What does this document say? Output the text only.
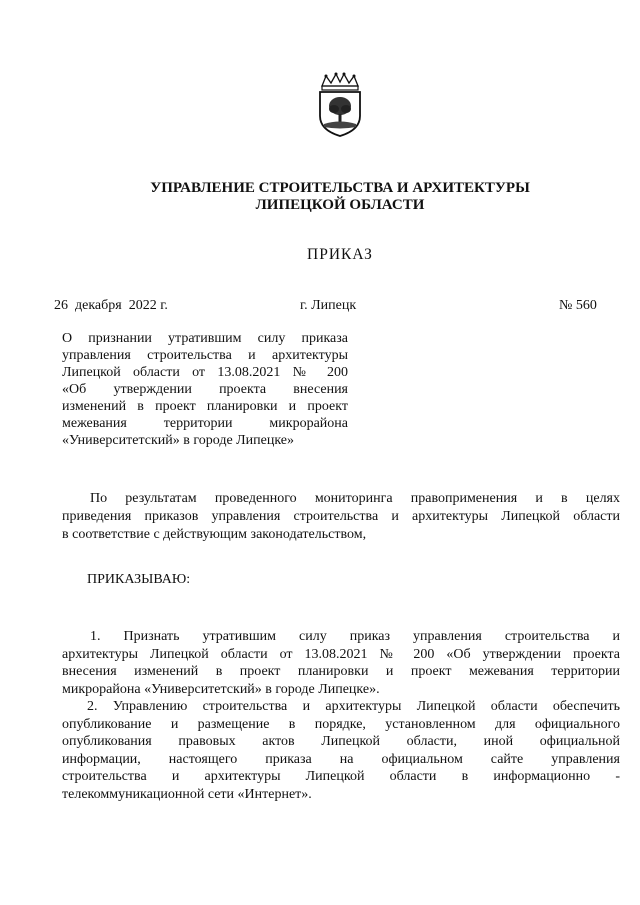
УПРАВЛЕНИЕ СТРОИТЕЛЬСТВА И АРХИТЕКТУРЫ
ЛИПЕЦКОЙ ОБЛАСТИ
ПРИКАЗ
26  декабря  2022 г.	г. Липецк	№ 560
О признании утратившим силу приказа
управления строительства и архитектуры
Липецкой области от 13.08.2021 № 200
«Об утверждении проекта внесения
изменений в проект планировки и проект
межевания территории микрорайона
«Университетский» в городе Липецке»
По результатам проведенного мониторинга правоприменения и в целях
приведения приказов управления строительства и архитектуры Липецкой области
в соответствие с действующим законодательством,
ПРИКАЗЫВАЮ:
1. Признать утратившим силу приказ управления строительства и
архитектуры Липецкой области от 13.08.2021 № 200 «Об утверждении проекта
внесения изменений в проект планировки и проект межевания территории
микрорайона «Университетский» в городе Липецке».
2. Управлению строительства и архитектуры Липецкой области обеспечить
опубликование и размещение в порядке, установленном для официального
опубликования правовых актов Липецкой области, иной официальной
информации, настоящего приказа на официальном сайте управления
строительства и архитектуры Липецкой области в информационно -
телекоммуникационной сети «Интернет».
